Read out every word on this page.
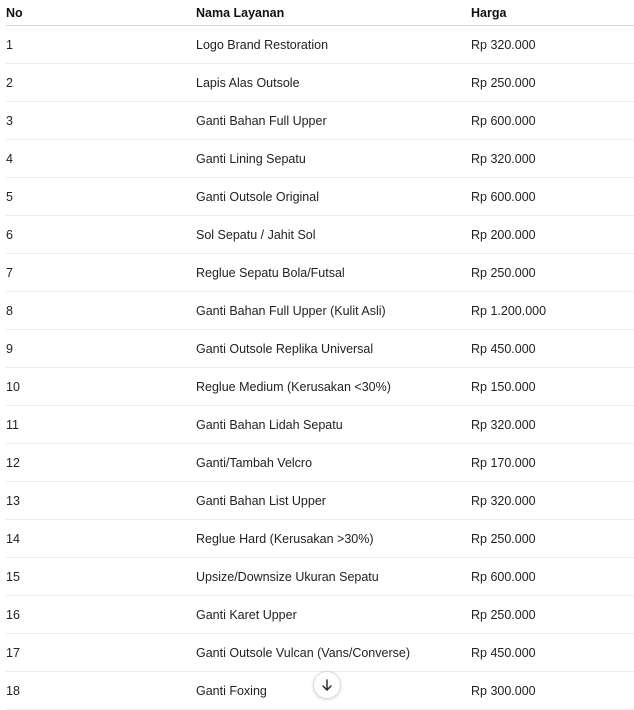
No	Nama Layanan	Harga
1	Logo Brand Restoration	Rp 320.000
2	Lapis Alas Outsole	Rp 250.000
3	Ganti Bahan Full Upper	Rp 600.000
4	Ganti Lining Sepatu	Rp 320.000
5	Ganti Outsole Original	Rp 600.000
6	Sol Sepatu / Jahit Sol	Rp 200.000
7	Reglue Sepatu Bola/Futsal	Rp 250.000
8	Ganti Bahan Full Upper (Kulit Asli)	Rp 1.200.000
9	Ganti Outsole Replika Universal	Rp 450.000
10	Reglue Medium (Kerusakan <30%)	Rp 150.000
11	Ganti Bahan Lidah Sepatu	Rp 320.000
12	Ganti/Tambah Velcro	Rp 170.000
13	Ganti Bahan List Upper	Rp 320.000
14	Reglue Hard (Kerusakan >30%)	Rp 250.000
15	Upsize/Downsize Ukuran Sepatu	Rp 600.000
16	Ganti Karet Upper	Rp 250.000
17	Ganti Outsole Vulcan (Vans/Converse)	Rp 450.000
18	Ganti Foxing	Rp 300.000
